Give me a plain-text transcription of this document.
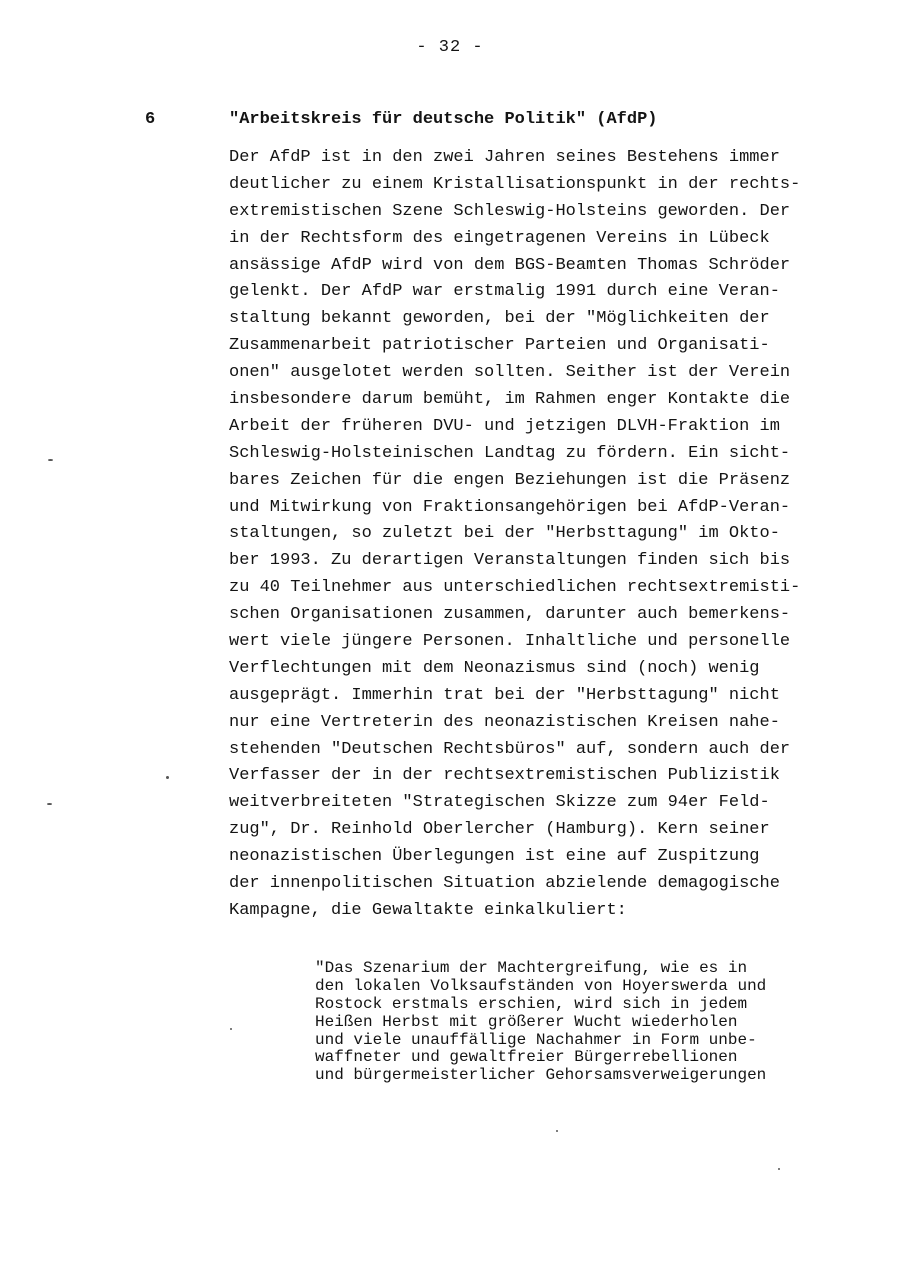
- 32 -
6	"Arbeitskreis für deutsche Politik" (AfdP)
Der AfdP ist in den zwei Jahren seines Bestehens immer
deutlicher zu einem Kristallisationspunkt in der rechts-
extremistischen Szene Schleswig-Holsteins geworden. Der
in der Rechtsform des eingetragenen Vereins in Lübeck
ansässige AfdP wird von dem BGS-Beamten Thomas Schröder
gelenkt. Der AfdP war erstmalig 1991 durch eine Veran-
staltung bekannt geworden, bei der "Möglichkeiten der
Zusammenarbeit patriotischer Parteien und Organisati-
onen" ausgelotet werden sollten. Seither ist der Verein
insbesondere darum bemüht, im Rahmen enger Kontakte die
Arbeit der früheren DVU- und jetzigen DLVH-Fraktion im
Schleswig-Holsteinischen Landtag zu fördern. Ein sicht-
bares Zeichen für die engen Beziehungen ist die Präsenz
und Mitwirkung von Fraktionsangehörigen bei AfdP-Veran-
staltungen, so zuletzt bei der "Herbsttagung" im Okto-
ber 1993. Zu derartigen Veranstaltungen finden sich bis
zu 40 Teilnehmer aus unterschiedlichen rechtsextremisti-
schen Organisationen zusammen, darunter auch bemerkens-
wert viele jüngere Personen. Inhaltliche und personelle
Verflechtungen mit dem Neonazismus sind (noch) wenig
ausgeprägt. Immerhin trat bei der "Herbsttagung" nicht
nur eine Vertreterin des neonazistischen Kreisen nahe-
stehenden "Deutschen Rechtsbüros" auf, sondern auch der
Verfasser der in der rechtsextremistischen Publizistik
weitverbreiteten "Strategischen Skizze zum 94er Feld-
zug", Dr. Reinhold Oberlercher (Hamburg). Kern seiner
neonazistischen Überlegungen ist eine auf Zuspitzung
der innenpolitischen Situation abzielende demagogische
Kampagne, die Gewaltakte einkalkuliert:
"Das Szenarium der Machtergreifung, wie es in
den lokalen Volksaufständen von Hoyerswerda und
Rostock erstmals erschien, wird sich in jedem
Heißen Herbst mit größerer Wucht wiederholen
und viele unauffällige Nachahmer in Form unbe-
waffneter und gewaltfreier Bürgerrebellionen
und bürgermeisterlicher Gehorsamsverweigerungen
